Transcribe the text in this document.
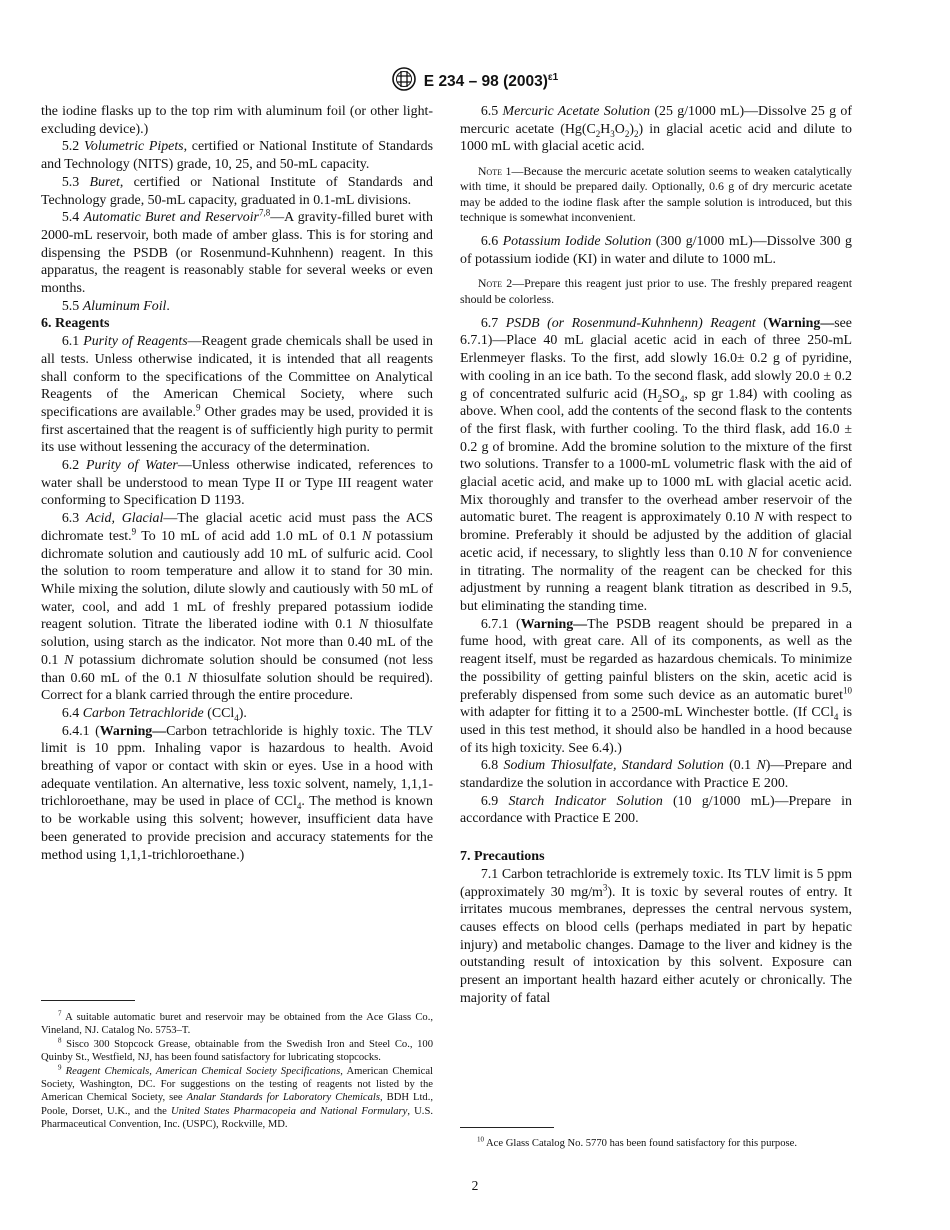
E 234 – 98 $(2003)^{\varepsilon 1}$

the iodine flasks up to the top rim with aluminum foil (or other light-excluding device).)

5.2 Volumetric Pipets, certified or National Institute of Standards and Technology (NITS) grade, 10, 25, and 50-mL capacity.

5.3 Buret, certified or National Institute of Standards and Technology grade, 50-mL capacity, graduated in 0.1-mL divisions.

5.4 Automatic Buret and Reservoir$^{7,8}$—A gravity-filled buret with 2000-mL reservoir, both made of amber glass. This is for storing and dispensing the PSDB (or Rosenmund-Kuhnhenn) reagent. In this apparatus, the reagent is reasonably stable for several weeks or even months.

5.5 Aluminum Foil.

6. Reagents

6.1 Purity of Reagents—Reagent grade chemicals shall be used in all tests. Unless otherwise indicated, it is intended that all reagents shall conform to the specifications of the Committee on Analytical Reagents of the American Chemical Society, where such specifications are available.$^9$ Other grades may be used, provided it is first ascertained that the reagent is of sufficiently high purity to permit its use without lessening the accuracy of the determination.

6.2 Purity of Water—Unless otherwise indicated, references to water shall be understood to mean Type II or Type III reagent water conforming to Specification D 1193.

6.3 Acid, Glacial—The glacial acetic acid must pass the ACS dichromate test.$^9$ To 10 mL of acid add 1.0 mL of 0.1 N potassium dichromate solution and cautiously add 10 mL of sulfuric acid. Cool the solution to room temperature and allow it to stand for 30 min. While mixing the solution, dilute slowly and cautiously with 50 mL of water, cool, and add 1 mL of freshly prepared potassium iodide reagent solution. Titrate the liberated iodine with 0.1 N thiosulfate solution, using starch as the indicator. Not more than 0.40 mL of the 0.1 N potassium dichromate solution should be consumed (not less than 0.60 mL of the 0.1 N thiosulfate solution should be required). Correct for a blank carried through the entire procedure.

6.4 Carbon Tetrachloride (CCl$_4$).

6.4.1 (Warning—Carbon tetrachloride is highly toxic. The TLV limit is 10 ppm. Inhaling vapor is hazardous to health. Avoid breathing of vapor or contact with skin or eyes. Use in a hood with adequate ventilation. An alternative, less toxic solvent, namely, 1,1,1-trichloroethane, may be used in place of CCl$_4$. The method is known to be workable using this solvent; however, insufficient data have been generated to provide precision and accuracy statements for the method using 1,1,1-trichloroethane.)

$^7$ A suitable automatic buret and reservoir may be obtained from the Ace Glass Co., Vineland, NJ. Catalog No. 5753–T.

$^8$ Sisco 300 Stopcock Grease, obtainable from the Swedish Iron and Steel Co., 100 Quinby St., Westfield, NJ, has been found satisfactory for lubricating stopcocks.

$^9$ Reagent Chemicals, American Chemical Society Specifications, American Chemical Society, Washington, DC. For suggestions on the testing of reagents not listed by the American Chemical Society, see Analar Standards for Laboratory Chemicals, BDH Ltd., Poole, Dorset, U.K., and the United States Pharmacopeia and National Formulary, U.S. Pharmaceutical Convention, Inc. (USPC), Rockville, MD.

6.5 Mercuric Acetate Solution (25 g/1000 mL)—Dissolve 25 g of mercuric acetate $(Hg(C_2H_3O_2)_2)$ in glacial acetic acid and dilute to 1000 mL with glacial acetic acid.

Note 1—Because the mercuric acetate solution seems to weaken catalytically with time, it should be prepared daily. Optionally, 0.6 g of dry mercuric acetate may be added to the iodine flask after the sample solution is introduced, but this technique is somewhat inconvenient.

6.6 Potassium Iodide Solution (300 g/1000 mL)—Dissolve 300 g of potassium iodide (KI) in water and dilute to 1000 mL.

Note 2—Prepare this reagent just prior to use. The freshly prepared reagent should be colorless.

6.7 PSDB (or Rosenmund-Kuhnhenn) Reagent (Warning—see 6.7.1)—Place 40 mL glacial acetic acid in each of three 250-mL Erlenmeyer flasks. To the first, add slowly 16.0± 0.2 g of pyridine, with cooling in an ice bath. To the second flask, add slowly 20.0 ± 0.2 g of concentrated sulfuric acid ($H_2SO_4$, sp gr 1.84) with cooling as above. When cool, add the contents of the second flask to the contents of the first flask, with further cooling. To the third flask, add 16.0 ± 0.2 g of bromine. Add the bromine solution to the mixture of the first two solutions. Transfer to a 1000-mL volumetric flask with the aid of glacial acetic acid, and make up to 1000 mL with glacial acetic acid. Mix thoroughly and transfer to the overhead amber reservoir of the automatic buret. The reagent is approximately 0.10 N with respect to bromine. Preferably it should be adjusted by the addition of glacial acetic acid, if necessary, to slightly less than 0.10 N for convenience in titrating. The normality of the reagent can be checked for this adjustment by running a reagent blank titration as described in 9.5, but eliminating the standing time.

6.7.1 (Warning—The PSDB reagent should be prepared in a fume hood, with great care. All of its components, as well as the reagent itself, must be regarded as hazardous chemicals. To minimize the possibility of getting painful blisters on the skin, acetic acid is preferably dispensed from some such device as an automatic buret$^{10}$ with adapter for fitting it to a 2500-mL Winchester bottle. (If CCl$_4$ is used in this test method, it should also be handled in a hood because of its high toxicity. See 6.4).)

6.8 Sodium Thiosulfate, Standard Solution (0.1 N)—Prepare and standardize the solution in accordance with Practice E 200.

6.9 Starch Indicator Solution (10 g/1000 mL)—Prepare in accordance with Practice E 200.

7. Precautions

7.1 Carbon tetrachloride is extremely toxic. Its TLV limit is 5 ppm (approximately 30 $mg/m^3$). It is toxic by several routes of entry. It irritates mucous membranes, depresses the central nervous system, causes effects on blood cells (perhaps mediated in part by hepatic injury) and metabolic changes. Damage to the liver and kidney is the outstanding result of intoxication by this solvent. Exposure can present an important health hazard either acutely or chronically. The majority of fatal

$^{10}$ Ace Glass Catalog No. 5770 has been found satisfactory for this purpose.

2
